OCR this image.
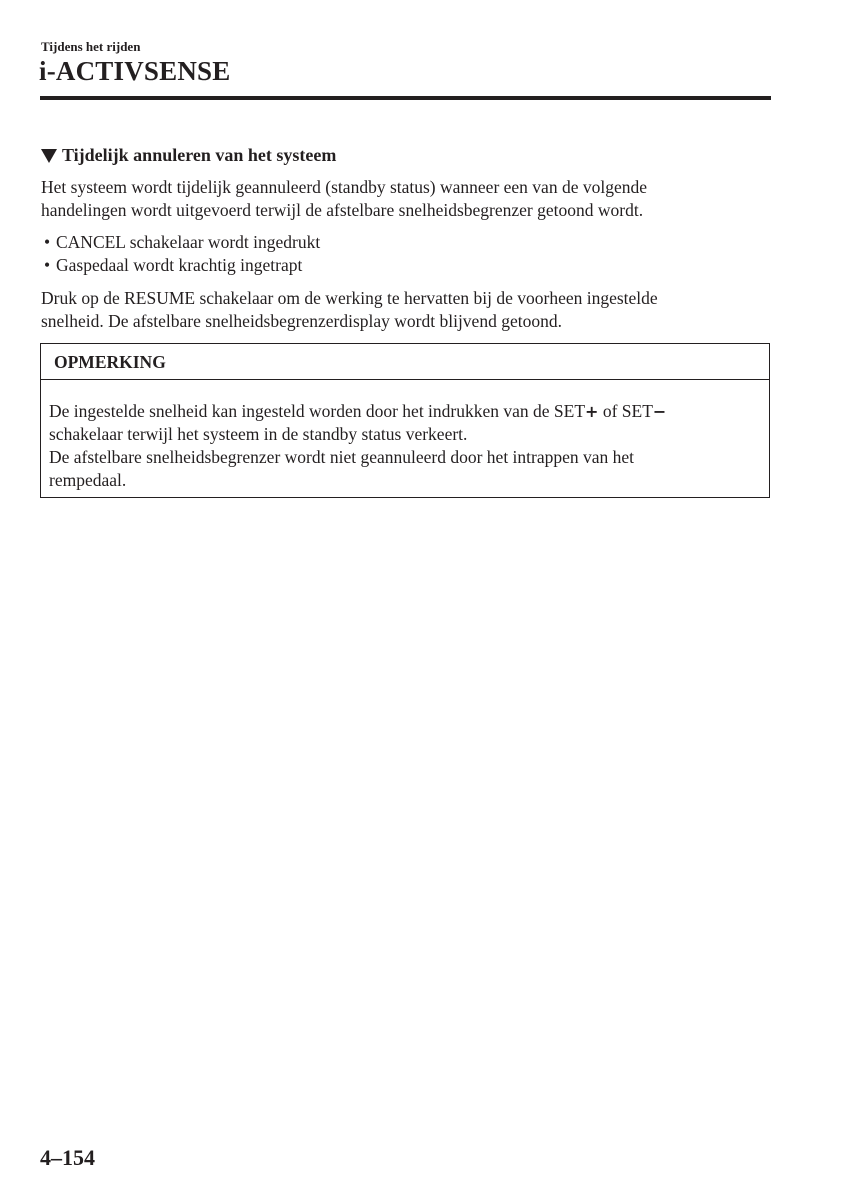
Tijdens het rijden
i-ACTIVSENSE
Tijdelijk annuleren van het systeem
Het systeem wordt tijdelijk geannuleerd (standby status) wanneer een van de volgende
handelingen wordt uitgevoerd terwijl de afstelbare snelheidsbegrenzer getoond wordt.
• CANCEL schakelaar wordt ingedrukt
• Gaspedaal wordt krachtig ingetrapt
Druk op de RESUME schakelaar om de werking te hervatten bij de voorheen ingestelde
snelheid. De afstelbare snelheidsbegrenzerdisplay wordt blijvend getoond.
OPMERKING
De ingestelde snelheid kan ingesteld worden door het indrukken van de SET+ of SET−
schakelaar terwijl het systeem in de standby status verkeert.
De afstelbare snelheidsbegrenzer wordt niet geannuleerd door het intrappen van het
rempedaal.
4–154
